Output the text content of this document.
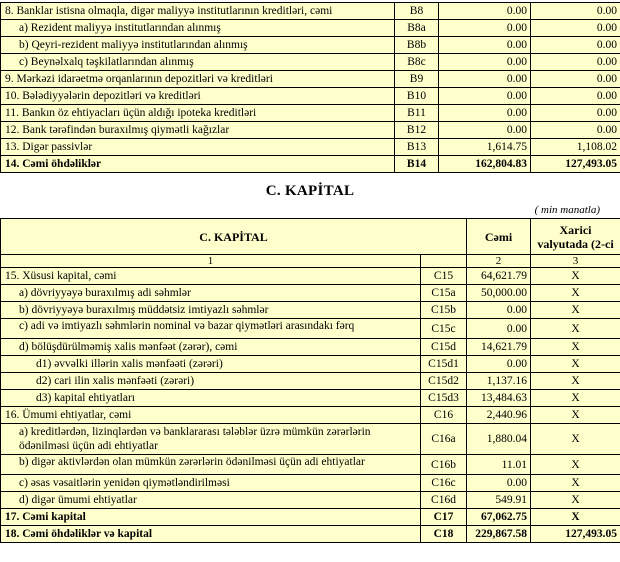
8. Banklar istisna olmaqla, digər maliyyə institutlarının kreditləri, cəmi	B8	0.00	0.00

a) Rezident maliyyə institutlarından alınmış	B8a	0.00	0.00

b) Qeyri-rezident maliyyə institutlarından alınmış	B8b	0.00	0.00

c) Beynəlxalq təşkilatlarından alınmış	B8c	0.00	0.00

9. Mərkəzi idarəetmə orqanlarının depozitləri və kreditləri	B9	0.00	0.00

10. Bələdiyyələrin depozitləri və kreditləri	B10	0.00	0.00

11. Bankın öz ehtiyacları üçün aldığı ipoteka kreditləri	B11	0.00	0.00

12. Bank tərəfindən buraxılmış qiymətli kağızlar	B12	0.00	0.00

13. Digər passivlər	B13	1,614.75	1,108.02

14. Cəmi öhdəliklər	B14	162,804.83	127,493.05
C. KAPİTAL
( min manatla)
C. KAPİTAL		Cəmi	Xarici valyutada (2-ci
1		2	3

15. Xüsusi kapital, cəmi	C15	64,621.79	X

a) dövriyyəyə buraxılmış adi səhmlər	C15a	50,000.00	X

b) dövriyyəyə buraxılmış müddətsiz imtiyazlı səhmlər	C15b	0.00	X

c) adi və imtiyazlı səhmlərin nominal və bazar qiymətləri arasındakı fərq	C15c	0.00	X

d) bölüşdürülməmiş xalis mənfəət (zərər), cəmi	C15d	14,621.79	X

d1) əvvəlki illərin xalis mənfəəti (zərəri)	C15d1	0.00	X

d2) cari ilin xalis mənfəəti (zərəri)	C15d2	1,137.16	X

d3) kapital ehtiyatları	C15d3	13,484.63	X

16. Ümumi ehtiyatlar, cəmi	C16	2,440.96	X

a) kreditlərdən, lizinqlərdən və banklararası tələblər üzrə mümkün zərərlərin ödənilməsi üçün adi ehtiyatlar	C16a	1,880.04	X

b) digər aktivlərdən olan mümkün zərərlərin ödənilməsi üçün adi ehtiyatlar	C16b	11.01	X

c) əsas vəsaitlərin yenidən qiymətləndirilməsi	C16c	0.00	X

d) digər ümumi ehtiyatlar	C16d	549.91	X

17. Cəmi kapital	C17	67,062.75	X

18. Cəmi öhdəliklər və kapital	C18	229,867.58	127,493.05
